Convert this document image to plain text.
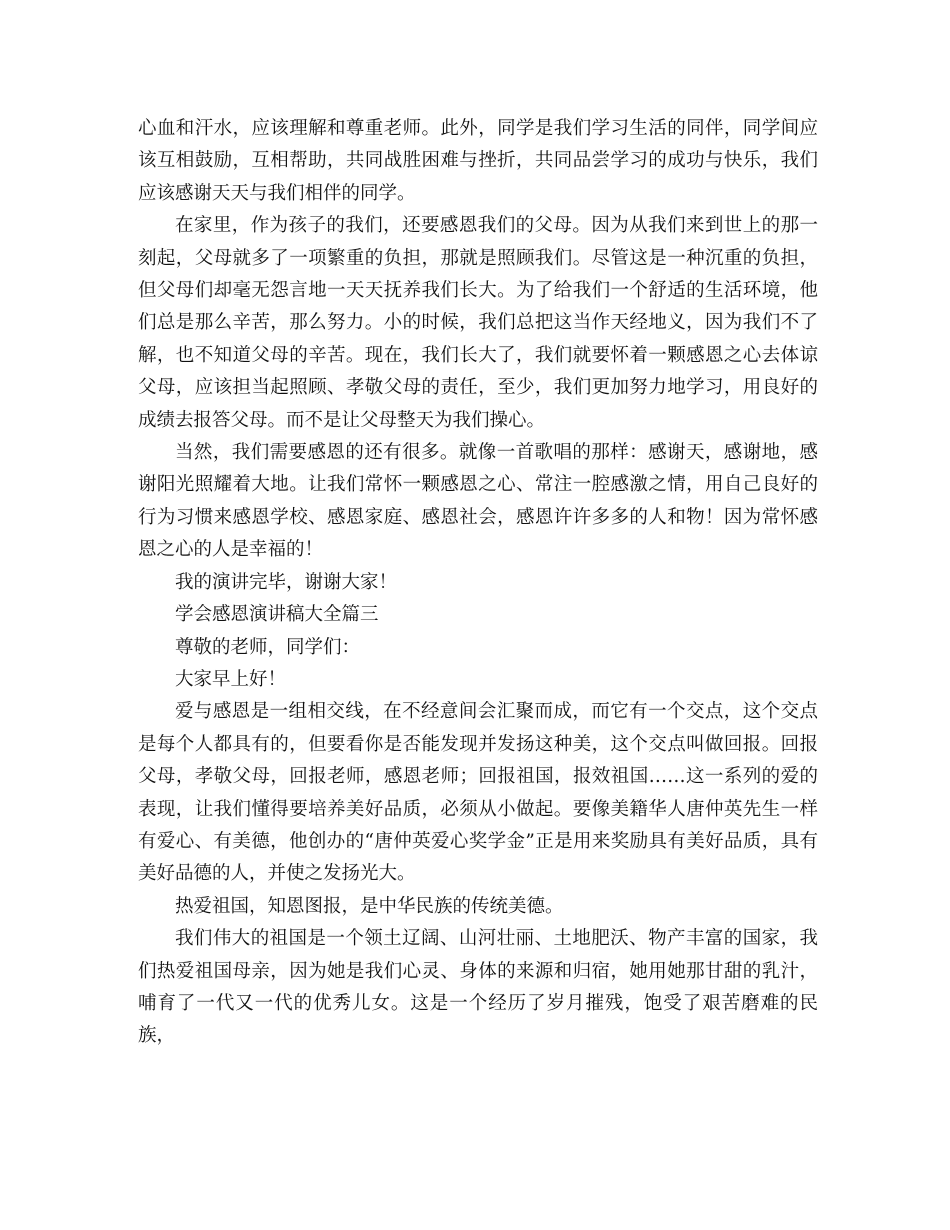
心血和汗水，应该理解和尊重老师。此外，同学是我们学习生活的同伴，同学间应该互相鼓励，互相帮助，共同战胜困难与挫折，共同品尝学习的成功与快乐，我们应该感谢天天与我们相伴的同学。

在家里，作为孩子的我们，还要感恩我们的父母。因为从我们来到世上的那一刻起，父母就多了一项繁重的负担，那就是照顾我们。尽管这是一种沉重的负担，但父母们却毫无怨言地一天天抚养我们长大。为了给我们一个舒适的生活环境，他们总是那么辛苦，那么努力。小的时候，我们总把这当作天经地义，因为我们不了解，也不知道父母的辛苦。现在，我们长大了，我们就要怀着一颗感恩之心去体谅父母，应该担当起照顾、孝敬父母的责任，至少，我们更加努力地学习，用良好的成绩去报答父母。而不是让父母整天为我们操心。

当然，我们需要感恩的还有很多。就像一首歌唱的那样：感谢天，感谢地，感谢阳光照耀着大地。让我们常怀一颗感恩之心、常注一腔感激之情，用自己良好的行为习惯来感恩学校、感恩家庭、感恩社会，感恩许许多多的人和物！因为常怀感恩之心的人是幸福的！

我的演讲完毕，谢谢大家！

学会感恩演讲稿大全篇三

尊敬的老师，同学们：

大家早上好！

爱与感恩是一组相交线，在不经意间会汇聚而成，而它有一个交点，这个交点是每个人都具有的，但要看你是否能发现并发扬这种美，这个交点叫做回报。回报父母，孝敬父母，回报老师，感恩老师；回报祖国，报效祖国……这一系列的爱的表现，让我们懂得要培养美好品质，必须从小做起。要像美籍华人唐仲英先生一样有爱心、有美德，他创办的“唐仲英爱心奖学金”正是用来奖励具有美好品质，具有美好品德的人，并使之发扬光大。

热爱祖国，知恩图报，是中华民族的传统美德。

我们伟大的祖国是一个领土辽阔、山河壮丽、土地肥沃、物产丰富的国家，我们热爱祖国母亲，因为她是我们心灵、身体的来源和归宿，她用她那甘甜的乳汁，哺育了一代又一代的优秀儿女。这是一个经历了岁月摧残，饱受了艰苦磨难的民族，
